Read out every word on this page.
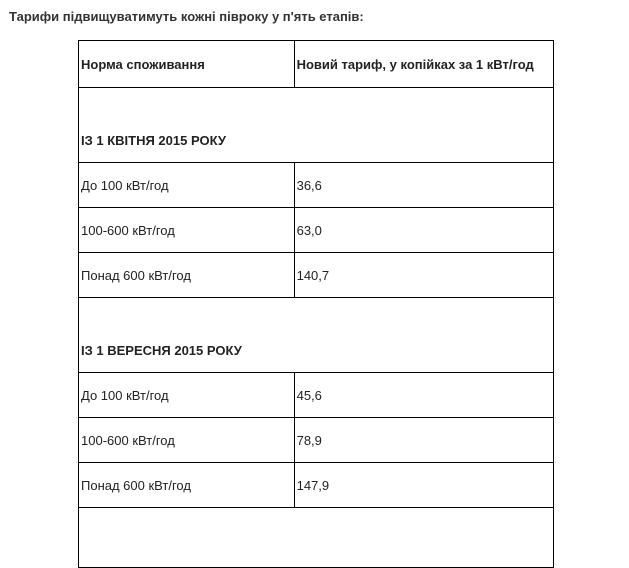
Тарифи підвищуватимуть кожні півроку у п'ять етапів:
Норма споживання	Новий тариф, у копійках за 1 кВт/год
ІЗ 1 КВІТНЯ 2015 РОКУ	
До 100 кВт/год	36,6
100-600 кВт/год	63,0
Понад 600 кВт/год	140,7
ІЗ 1 ВЕРЕСНЯ 2015 РОКУ	
До 100 кВт/год	45,6
100-600 кВт/год	78,9
Понад 600 кВт/год	147,9
